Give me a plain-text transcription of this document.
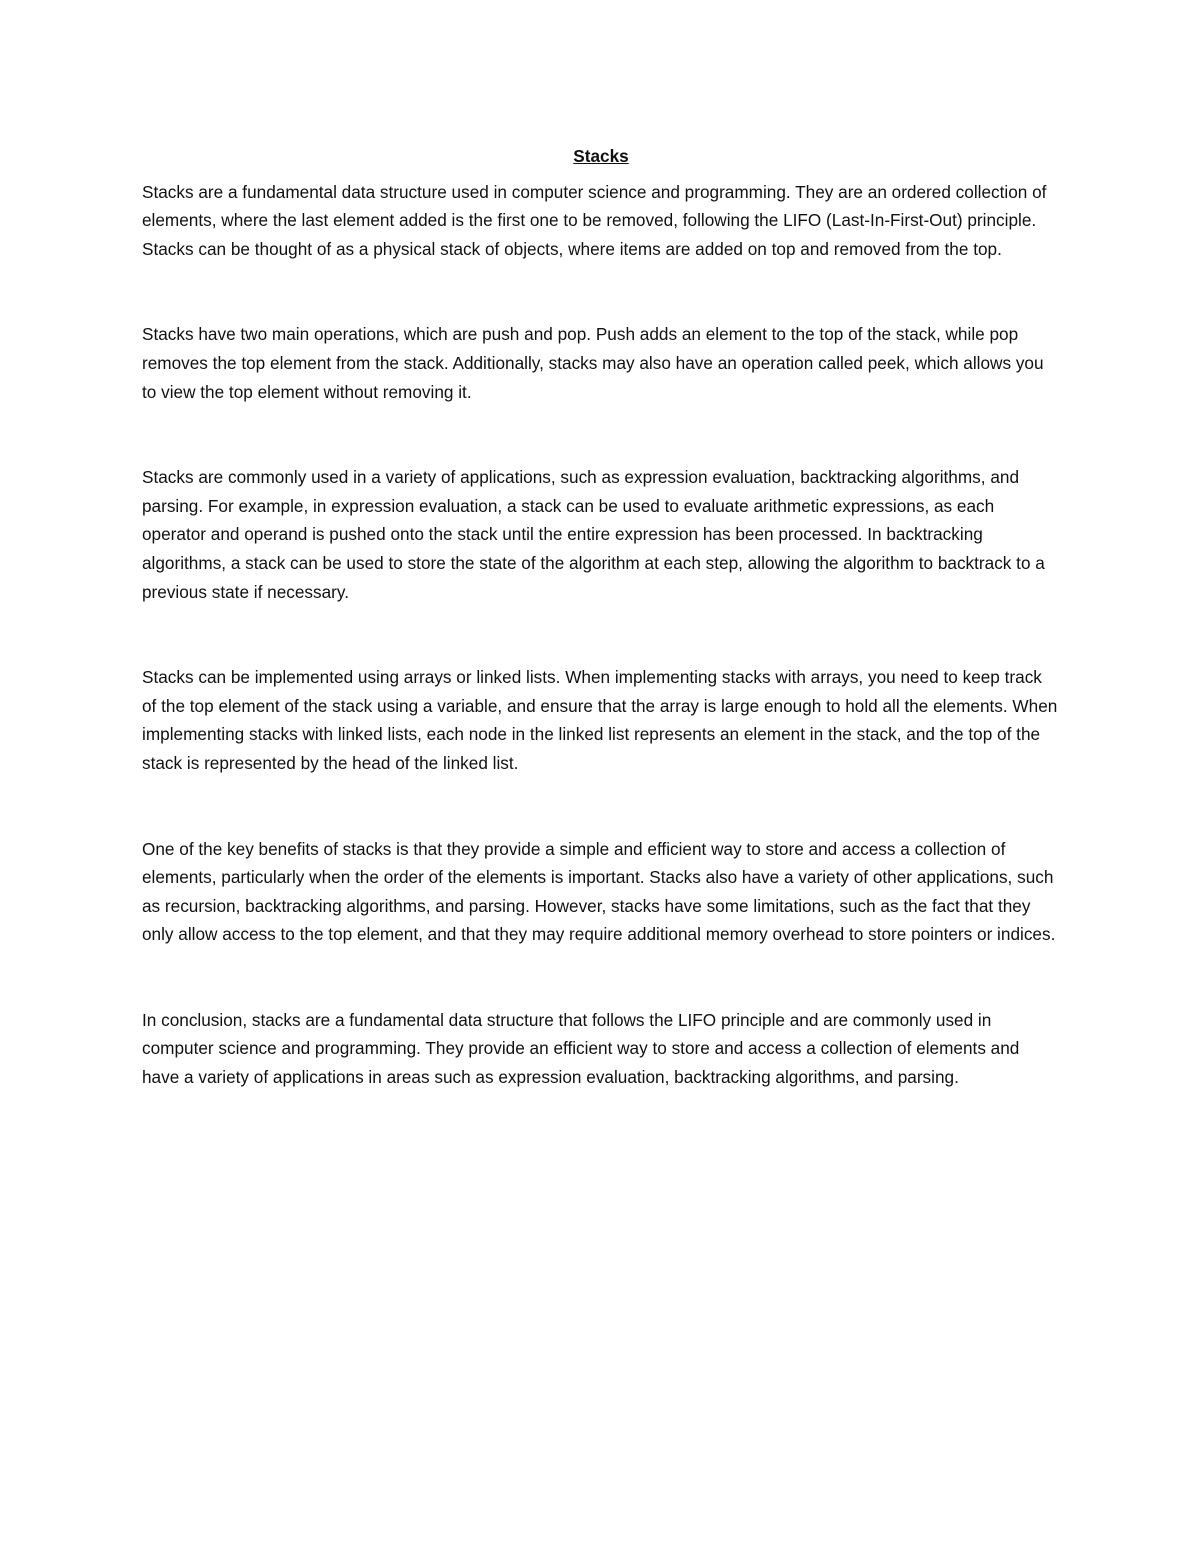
Stacks

Stacks are a fundamental data structure used in computer science and programming. They are an ordered collection of elements, where the last element added is the first one to be removed, following the LIFO (Last-In-First-Out) principle. Stacks can be thought of as a physical stack of objects, where items are added on top and removed from the top.

Stacks have two main operations, which are push and pop. Push adds an element to the top of the stack, while pop removes the top element from the stack. Additionally, stacks may also have an operation called peek, which allows you to view the top element without removing it.

Stacks are commonly used in a variety of applications, such as expression evaluation, backtracking algorithms, and parsing. For example, in expression evaluation, a stack can be used to evaluate arithmetic expressions, as each operator and operand is pushed onto the stack until the entire expression has been processed. In backtracking algorithms, a stack can be used to store the state of the algorithm at each step, allowing the algorithm to backtrack to a previous state if necessary.

Stacks can be implemented using arrays or linked lists. When implementing stacks with arrays, you need to keep track of the top element of the stack using a variable, and ensure that the array is large enough to hold all the elements. When implementing stacks with linked lists, each node in the linked list represents an element in the stack, and the top of the stack is represented by the head of the linked list.

One of the key benefits of stacks is that they provide a simple and efficient way to store and access a collection of elements, particularly when the order of the elements is important. Stacks also have a variety of other applications, such as recursion, backtracking algorithms, and parsing. However, stacks have some limitations, such as the fact that they only allow access to the top element, and that they may require additional memory overhead to store pointers or indices.

In conclusion, stacks are a fundamental data structure that follows the LIFO principle and are commonly used in computer science and programming. They provide an efficient way to store and access a collection of elements and have a variety of applications in areas such as expression evaluation, backtracking algorithms, and parsing.
